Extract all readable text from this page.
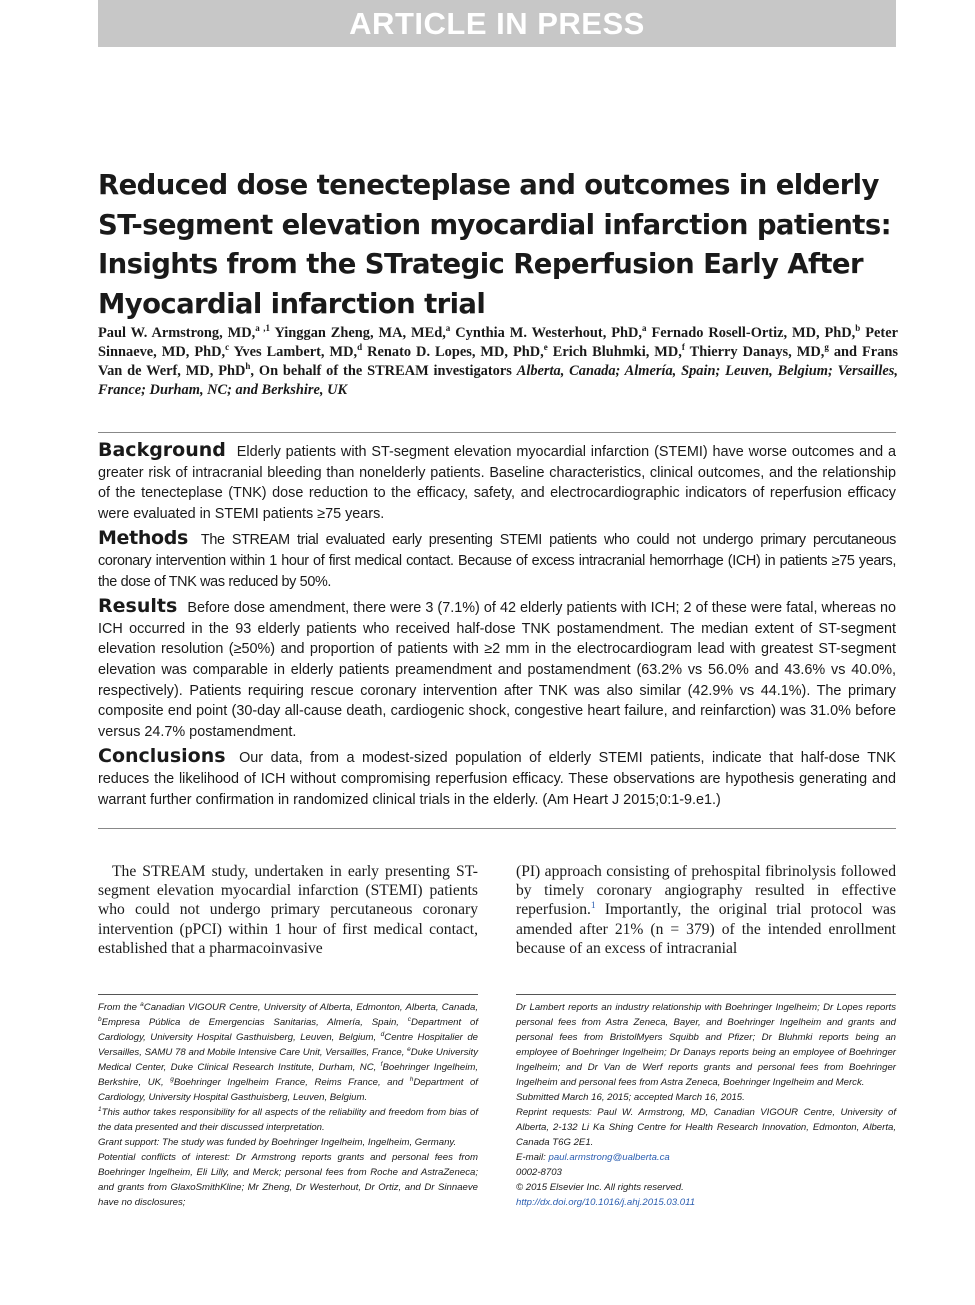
ARTICLE IN PRESS
Reduced dose tenecteplase and outcomes in elderly ST-segment elevation myocardial infarction patients: Insights from the STrategic Reperfusion Early After Myocardial infarction trial
Paul W. Armstrong, MD,$^{a ,1}$ Yinggan Zheng, MA, MEd,$^a$ Cynthia M. Westerhout, PhD,$^a$ Fernado Rosell-Ortiz, MD, PhD,$^b$ Peter Sinnaeve, MD, PhD,$^c$ Yves Lambert, MD,$^d$ Renato D. Lopes, MD, PhD,$^e$ Erich Bluhmki, MD,$^f$ Thierry Danays, MD,$^g$ and Frans Van de Werf, MD, PhD$^h$, On behalf of the STREAM investigators Alberta, Canada; Almería, Spain; Leuven, Belgium; Versailles, France; Durham, NC; and Berkshire, UK

Background Elderly patients with ST-segment elevation myocardial infarction (STEMI) have worse outcomes and a greater risk of intracranial bleeding than nonelderly patients. Baseline characteristics, clinical outcomes, and the relationship of the tenecteplase (TNK) dose reduction to the efficacy, safety, and electrocardiographic indicators of reperfusion efficacy were evaluated in STEMI patients ≥75 years.

Methods The STREAM trial evaluated early presenting STEMI patients who could not undergo primary percutaneous coronary intervention within 1 hour of first medical contact. Because of excess intracranial hemorrhage (ICH) in patients ≥75 years, the dose of TNK was reduced by 50%.

Results Before dose amendment, there were 3 (7.1%) of 42 elderly patients with ICH; 2 of these were fatal, whereas no ICH occurred in the 93 elderly patients who received half-dose TNK postamendment. The median extent of ST-segment elevation resolution (≥50%) and proportion of patients with ≥2 mm in the electrocardiogram lead with greatest ST-segment elevation was comparable in elderly patients preamendment and postamendment (63.2% vs 56.0% and 43.6% vs 40.0%, respectively). Patients requiring rescue coronary intervention after TNK was also similar (42.9% vs 44.1%). The primary composite end point (30-day all-cause death, cardiogenic shock, congestive heart failure, and reinfarction) was 31.0% before versus 24.7% postamendment.

Conclusions Our data, from a modest-sized population of elderly STEMI patients, indicate that half-dose TNK reduces the likelihood of ICH without compromising reperfusion efficacy. These observations are hypothesis generating and warrant further confirmation in randomized clinical trials in the elderly. (Am Heart J 2015;0:1-9.e1.)

The STREAM study, undertaken in early presenting ST-segment elevation myocardial infarction (STEMI) patients who could not undergo primary percutaneous coronary intervention (pPCI) within 1 hour of first medical contact, established that a pharmacoinvasive
(PI) approach consisting of prehospital fibrinolysis followed by timely coronary angiography resulted in effective reperfusion.$^1$ Importantly, the original trial protocol was amended after 21% (n = 379) of the intended enrollment because of an excess of intracranial

From the $^a$Canadian VIGOUR Centre, University of Alberta, Edmonton, Alberta, Canada, $^b$Empresa Pública de Emergencias Sanitarias, Almería, Spain, $^c$Department of Cardiology, University Hospital Gasthuisberg, Leuven, Belgium, $^d$Centre Hospitalier de Versailles, SAMU 78 and Mobile Intensive Care Unit, Versailles, France, $^e$Duke University Medical Center, Duke Clinical Research Institute, Durham, NC, $^f$Boehringer Ingelheim, Berkshire, UK, $^g$Boehringer Ingelheim France, Reims France, and $^h$Department of Cardiology, University Hospital Gasthuisberg, Leuven, Belgium.

$^1$This author takes responsibility for all aspects of the reliability and freedom from bias of the data presented and their discussed interpretation.

Grant support: The study was funded by Boehringer Ingelheim, Ingelheim, Germany.

Potential conflicts of interest: Dr Armstrong reports grants and personal fees from Boehringer Ingelheim, Eli Lilly, and Merck; personal fees from Roche and AstraZeneca; and grants from GlaxoSmithKline; Mr Zheng, Dr Westerhout, Dr Ortiz, and Dr Sinnaeve have no disclosures;

Dr Lambert reports an industry relationship with Boehringer Ingelheim; Dr Lopes reports personal fees from Astra Zeneca, Bayer, and Boehringer Ingelheim and grants and personal fees from BristolMyers Squibb and Pfizer; Dr Bluhmki reports being an employee of Boehringer Ingelheim; Dr Danays reports being an employee of Boehringer Ingelheim; and Dr Van de Werf reports grants and personal fees from Boehringer Ingelheim and personal fees from Astra Zeneca, Boehringer Ingelheim and Merck.

Submitted March 16, 2015; accepted March 16, 2015.

Reprint requests: Paul W. Armstrong, MD, Canadian VIGOUR Centre, University of Alberta, 2-132 Li Ka Shing Centre for Health Research Innovation, Edmonton, Alberta, Canada T6G 2E1.

E-mail: paul.armstrong@ualberta.ca

0002-8703

© 2015 Elsevier Inc. All rights reserved.

http://dx.doi.org/10.1016/j.ahj.2015.03.011
